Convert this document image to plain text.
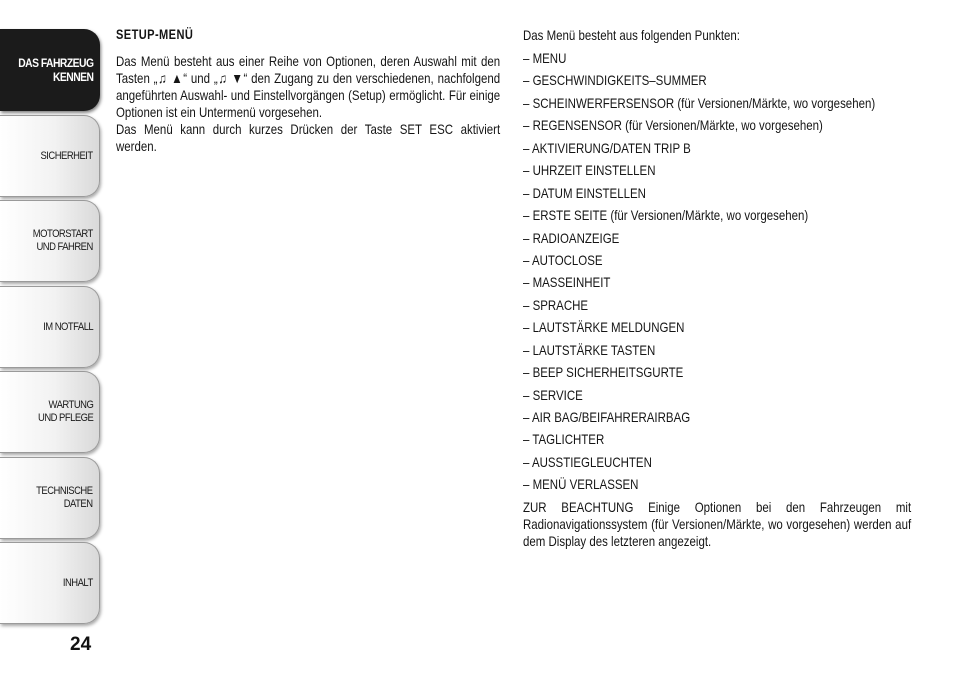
DAS FAHRZEUG
KENNEN
SICHERHEIT
MOTORSTART
UND FAHREN
IM NOTFALL
WARTUNG
UND PFLEGE
TECHNISCHE
DATEN
INHALT
24
SETUP-MENÜ

Das Menü besteht aus einer Reihe von Optionen, deren Auswahl mit den Tasten „♫ ▲“ und „♫ ▼“ den Zugang zu den verschiedenen, nachfolgend angeführten Auswahl- und Einstellvorgängen (Setup) ermöglicht. Für einige Optionen ist ein Untermenü vorgesehen.

Das Menü kann durch kurzes Drücken der Taste SET ESC aktiviert werden.

Das Menü besteht aus folgenden Punkten:

– MENU
– GESCHWINDIGKEITS–SUMMER
– SCHEINWERFERSENSOR (für Versionen/Märkte, wo vorgesehen)
– REGENSENSOR (für Versionen/Märkte, wo vorgesehen)
– AKTIVIERUNG/DATEN TRIP B
– UHRZEIT EINSTELLEN
– DATUM EINSTELLEN
– ERSTE SEITE (für Versionen/Märkte, wo vorgesehen)
– RADIOANZEIGE
– AUTOCLOSE
– MASSEINHEIT
– SPRACHE
– LAUTSTÄRKE MELDUNGEN
– LAUTSTÄRKE TASTEN
– BEEP SICHERHEITSGURTE
– SERVICE
– AIR BAG/BEIFAHRERAIRBAG
– TAGLICHTER
– AUSSTIEGLEUCHTEN
– MENÜ VERLASSEN

ZUR BEACHTUNG Einige Optionen bei den Fahrzeugen mit Radionavigationssystem (für Versionen/Märkte, wo vorgesehen) werden auf dem Display des letzteren angezeigt.
